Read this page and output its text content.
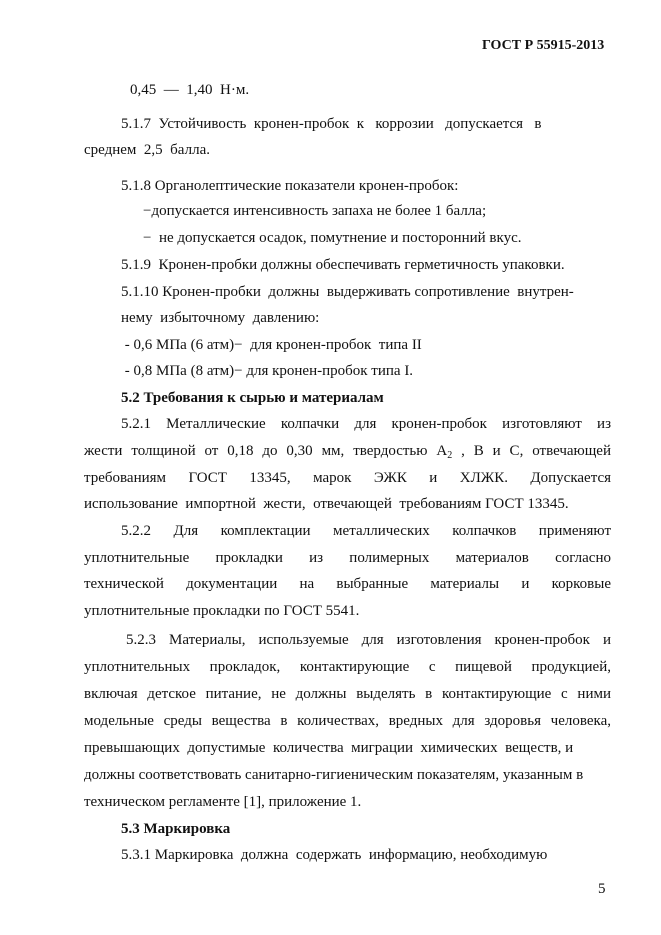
ГОСТ Р 55915-2013
0,45  —  1,40  Н·м.
5.1.7  Устойчивость  кронен-пробок  к   коррозии   допускается   в
среднем  2,5  балла.
5.1.8 Органолептические показатели кронен-пробок:
−допускается интенсивность запаха не более 1 балла;
−  не допускается осадок, помутнение и посторонний вкус.
5.1.9  Кронен-пробки должны обеспечивать герметичность упаковки.
5.1.10 Кронен-пробки  должны  выдерживать сопротивление  внутрен-
нему  избыточному  давлению:
- 0,6 МПа (6 атм)−  для кронен-пробок  типа II
- 0,8 МПа (8 атм)− для кронен-пробок типа I.
5.2 Требования к сырью и материалам
5.2.1 Металлические колпачки для кронен-пробок изготовляют из
жести толщиной от 0,18 до 0,30 мм, твердостью $А_2$ , В и С, отвечающей
требованиям ГОСТ 13345, марок ЭЖК и ХЛЖК. Допускается
использование  импортной  жести,  отвечающей  требованиям ГОСТ 13345.
5.2.2 Для комплектации металлических колпачков применяют
уплотнительные прокладки из полимерных материалов согласно
технической документации на выбранные материалы и корковые
уплотнительные прокладки по ГОСТ 5541.
5.2.3 Материалы, используемые для изготовления кронен-пробок и
уплотнительных прокладок, контактирующие с пищевой продукцией,
включая детское питание, не должны выделять в контактирующие с ними
модельные среды вещества в количествах, вредных для здоровья человека,
превышающих  допустимые  количества  миграции  химических  веществ, и
должны соответствовать санитарно-гигиеническим показателям, указанным в
техническом регламенте [1], приложение 1.
5.3 Маркировка
5.3.1 Маркировка  должна  содержать  информацию, необходимую
5
